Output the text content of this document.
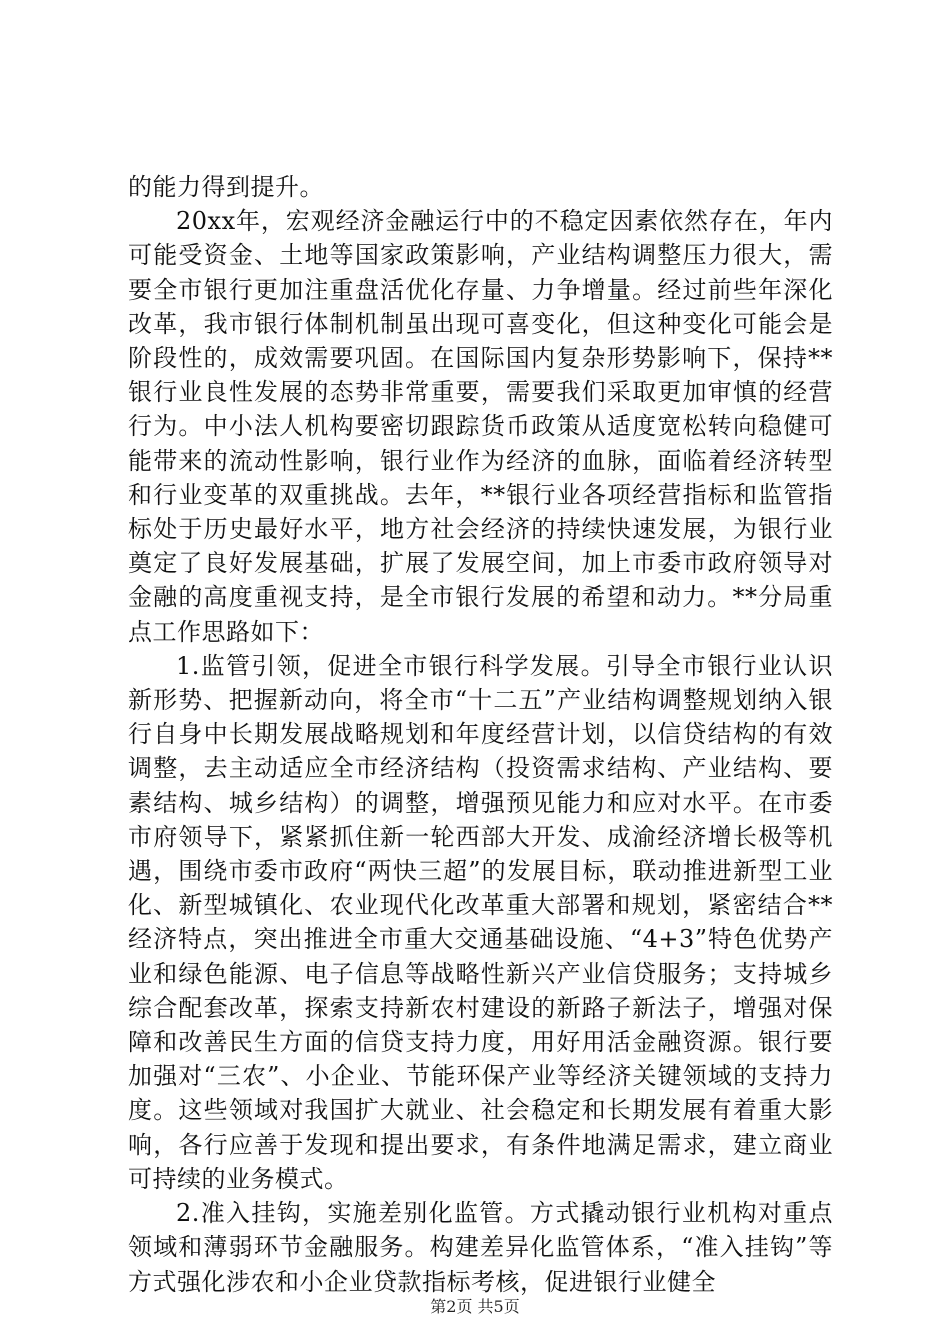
的能力得到提升。

20xx年，宏观经济金融运行中的不稳定因素依然存在，年内可能受资金、土地等国家政策影响，产业结构调整压力很大，需要全市银行更加注重盘活优化存量、力争增量。经过前些年深化改革，我市银行体制机制虽出现可喜变化，但这种变化可能会是阶段性的，成效需要巩固。在国际国内复杂形势影响下，保持**银行业良性发展的态势非常重要，需要我们采取更加审慎的经营行为。中小法人机构要密切跟踪货币政策从适度宽松转向稳健可能带来的流动性影响，银行业作为经济的血脉，面临着经济转型和行业变革的双重挑战。去年，**银行业各项经营指标和监管指标处于历史最好水平，地方社会经济的持续快速发展，为银行业奠定了良好发展基础，扩展了发展空间，加上市委市政府领导对金融的高度重视支持，是全市银行发展的希望和动力。**分局重点工作思路如下：

1.监管引领，促进全市银行科学发展。引导全市银行业认识新形势、把握新动向，将全市“十二五”产业结构调整规划纳入银行自身中长期发展战略规划和年度经营计划，以信贷结构的有效调整，去主动适应全市经济结构（投资需求结构、产业结构、要素结构、城乡结构）的调整，增强预见能力和应对水平。在市委市府领导下，紧紧抓住新一轮西部大开发、成渝经济增长极等机遇，围绕市委市政府“两快三超”的发展目标，联动推进新型工业化、新型城镇化、农业现代化改革重大部署和规划，紧密结合**经济特点，突出推进全市重大交通基础设施、“4+3”特色优势产业和绿色能源、电子信息等战略性新兴产业信贷服务；支持城乡综合配套改革，探索支持新农村建设的新路子新法子，增强对保障和改善民生方面的信贷支持力度，用好用活金融资源。银行要加强对“三农”、小企业、节能环保产业等经济关键领域的支持力度。这些领域对我国扩大就业、社会稳定和长期发展有着重大影响，各行应善于发现和提出要求，有条件地满足需求，建立商业可持续的业务模式。

2.准入挂钩，实施差别化监管。方式撬动银行业机构对重点领域和薄弱环节金融服务。构建差异化监管体系，“准入挂钩”等方式强化涉农和小企业贷款指标考核，促进银行业健全

第2页 共5页
